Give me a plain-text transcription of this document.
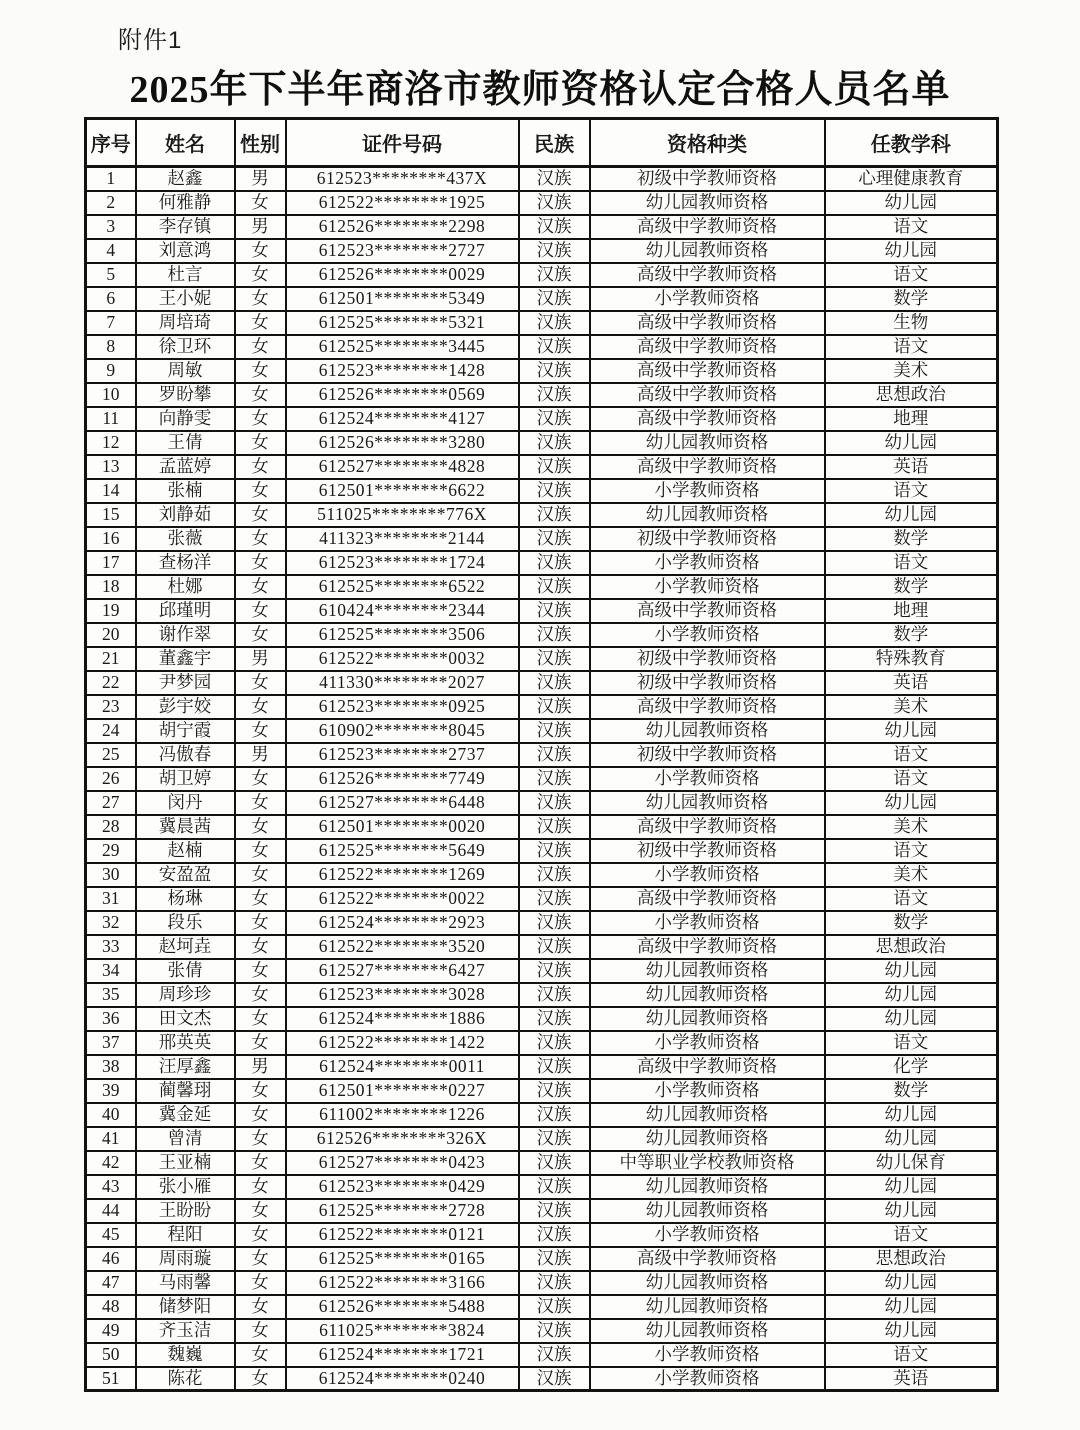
附件1
2025年下半年商洛市教师资格认定合格人员名单
序号	姓名	性别	证件号码	民族	资格种类	任教学科
1	赵鑫	男	612523********437X	汉族	初级中学教师资格	心理健康教育
2	何雅静	女	612522********1925	汉族	幼儿园教师资格	幼儿园
3	李存镇	男	612526********2298	汉族	高级中学教师资格	语文
4	刘意鸿	女	612523********2727	汉族	幼儿园教师资格	幼儿园
5	杜言	女	612526********0029	汉族	高级中学教师资格	语文
6	王小妮	女	612501********5349	汉族	小学教师资格	数学
7	周培琦	女	612525********5321	汉族	高级中学教师资格	生物
8	徐卫环	女	612525********3445	汉族	高级中学教师资格	语文
9	周敏	女	612523********1428	汉族	高级中学教师资格	美术
10	罗盼攀	女	612526********0569	汉族	高级中学教师资格	思想政治
11	向静雯	女	612524********4127	汉族	高级中学教师资格	地理
12	王倩	女	612526********3280	汉族	幼儿园教师资格	幼儿园
13	孟蓝婷	女	612527********4828	汉族	高级中学教师资格	英语
14	张楠	女	612501********6622	汉族	小学教师资格	语文
15	刘静茹	女	511025********776X	汉族	幼儿园教师资格	幼儿园
16	张薇	女	411323********2144	汉族	初级中学教师资格	数学
17	查杨洋	女	612523********1724	汉族	小学教师资格	语文
18	杜娜	女	612525********6522	汉族	小学教师资格	数学
19	邱瑾明	女	610424********2344	汉族	高级中学教师资格	地理
20	谢作翠	女	612525********3506	汉族	小学教师资格	数学
21	董鑫宇	男	612522********0032	汉族	初级中学教师资格	特殊教育
22	尹梦园	女	411330********2027	汉族	初级中学教师资格	英语
23	彭宇姣	女	612523********0925	汉族	高级中学教师资格	美术
24	胡宁霞	女	610902********8045	汉族	幼儿园教师资格	幼儿园
25	冯傲春	男	612523********2737	汉族	初级中学教师资格	语文
26	胡卫婷	女	612526********7749	汉族	小学教师资格	语文
27	闵丹	女	612527********6448	汉族	幼儿园教师资格	幼儿园
28	冀晨茜	女	612501********0020	汉族	高级中学教师资格	美术
29	赵楠	女	612525********5649	汉族	初级中学教师资格	语文
30	安盈盈	女	612522********1269	汉族	小学教师资格	美术
31	杨琳	女	612522********0022	汉族	高级中学教师资格	语文
32	段乐	女	612524********2923	汉族	小学教师资格	数学
33	赵坷垚	女	612522********3520	汉族	高级中学教师资格	思想政治
34	张倩	女	612527********6427	汉族	幼儿园教师资格	幼儿园
35	周珍珍	女	612523********3028	汉族	幼儿园教师资格	幼儿园
36	田文杰	女	612524********1886	汉族	幼儿园教师资格	幼儿园
37	邢英英	女	612522********1422	汉族	小学教师资格	语文
38	汪厚鑫	男	612524********0011	汉族	高级中学教师资格	化学
39	蔺馨珝	女	612501********0227	汉族	小学教师资格	数学
40	冀金延	女	611002********1226	汉族	幼儿园教师资格	幼儿园
41	曾清	女	612526********326X	汉族	幼儿园教师资格	幼儿园
42	王亚楠	女	612527********0423	汉族	中等职业学校教师资格	幼儿保育
43	张小雁	女	612523********0429	汉族	幼儿园教师资格	幼儿园
44	王盼盼	女	612525********2728	汉族	幼儿园教师资格	幼儿园
45	程阳	女	612522********0121	汉族	小学教师资格	语文
46	周雨璇	女	612525********0165	汉族	高级中学教师资格	思想政治
47	马雨馨	女	612522********3166	汉族	幼儿园教师资格	幼儿园
48	储梦阳	女	612526********5488	汉族	幼儿园教师资格	幼儿园
49	齐玉洁	女	611025********3824	汉族	幼儿园教师资格	幼儿园
50	魏巍	女	612524********1721	汉族	小学教师资格	语文
51	陈花	女	612524********0240	汉族	小学教师资格	英语
